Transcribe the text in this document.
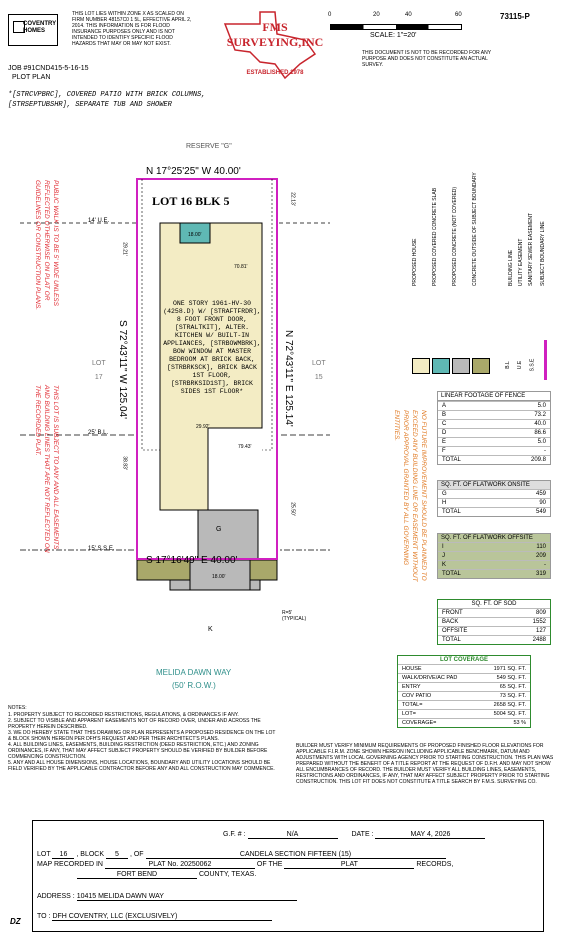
COVENTRY HOMES
THIS LOT LIES WITHIN ZONE X AS SCALED ON FIRM NUMBER 48157C0 1 5L, EFFECTIVE APRIL 2, 2014. THIS INFORMATION IS FOR FLOOD INSURANCE PURPOSES ONLY AND IS NOT INTENDED TO IDENTIFY SPECIFIC FLOOD HAZARDS THAT MAY OR MAY NOT EXIST.
FMS SURVEYING,INC
ESTABLISHED 1978
73115-P
0	20	40	60
SCALE: 1"=20'
THIS DOCUMENT IS NOT TO BE RECORDED FOR ANY PURPOSE AND DOES NOT CONSTITUTE AN ACTUAL SURVEY.
JOB #91CND415-5-16-15
PLOT PLAN
*[STRCVPBRC], COVERED PATIO WITH BRICK COLUMNS,
[STRSEPTUBSHR], SEPARATE TUB AND SHOWER
RESERVE "G"
LOT

17
LOT

15
N 17°25'25" W 40.00'
LOT 16 BLK 5
S 72°43'11" W 125.04'	N 72°43'11" E 125.14'
S 17°16'49" E 40.00'
14' U.E.
25' B.L.
15' S.S.E.
ONE STORY 1961-HV-30 (4258.D) W/ [STRAFTFRDR], 8 FOOT FRONT DOOR, [STRALTKIT], ALTER. KITCHEN W/ BUILT-IN APPLIANCES, [STRBOWMBRK], BOW WINDOW AT MASTER BEDROOM AT BRICK BACK, [STRBRKSCK], BRICK BACK 1ST FLOOR, [STRBRKSID1ST], BRICK SIDES 1ST FLOOR*
22.13'
29.21'
18.00'
70.81'
38.83'
29.92'
79.43'
25.50'
18.00'
G
K
R=5'
(TYPICAL)
MELIDA DAWN WAY
(50' R.O.W.)
PUBLIC WALK IS TO BE 5' WIDE UNLESS REFLECTED OTHERWISE ON PLAT OR GUIDELINES OR CONSTRUCTION PLANS.
THIS LOT IS SUBJECT TO ANY AND ALL EASEMENTS AND BUILDING LINES THAT ARE NOT REFLECTED ON THE RECORDED PLAT.	NO FUTURE IMPROVEMENT SHOULD BE PLANNED TO EXCEED ANY BUILDING LINE OR EASEMENT WITHOUT PRIOR APPROVAL GRANTED BY ALL GOVERNING ENTITIES.
PROPOSED HOUSE	PROPOSED COVERED CONCRETE SLAB	PROPOSED CONCRETE (NOT COVERED)	CONCRETE OUTSIDE OF SUBJECT BOUNDARY	BUILDING LINE UTILITY EASEMENT SANITARY SEWER EASEMENT SUBJECT BOUNDARY LINE
B.L U.E S.S.E
LINEAR FOOTAGE OF FENCE
A	5.0
B	73.2
C	40.0
D	86.6
E	5.0
F	-
TOTAL	209.8
SQ. FT. OF FLATWORK ONSITE
G	459
H	90
TOTAL	549
SQ. FT. OF FLATWORK OFFSITE
I	110
J	209
K	-
TOTAL	319
SQ. FT. OF SOD
FRONT	809
BACK	1552
OFFSITE	127
TOTAL	2488
LOT COVERAGE
HOUSE	1971 SQ. FT.
WALK/DRIVE/AC PAD	549 SQ. FT.
ENTRY	65 SQ. FT.
COV PATIO	73 SQ. FT.
TOTAL=	2658 SQ. FT.
LOT=	5004 SQ. FT.
COVERAGE=	53 %
NOTES:
1. PROPERTY SUBJECT TO RECORDED RESTRICTIONS, REGULATIONS, & ORDINANCES IF ANY.
2. SUBJECT TO VISIBLE AND APPARENT EASEMENTS NOT OF RECORD OVER, UNDER AND ACROSS THE PROPERTY HEREIN DESCRIBED.
3. WE DO HEREBY STATE THAT THIS DRAWING OR PLAN REPRESENTS A PROPOSED RESIDENCE ON THE LOT & BLOCK SHOWN HEREON PER DFH'S REQUEST AND PER THEIR ARCHITECT'S PLANS.
4. ALL BUILDING LINES, EASEMENTS, BUILDING RESTRICTION (DEED RESTRICTION, ETC.) AND ZONING ORDINANCES, IF ANY, THAT MAY AFFECT SUBJECT PROPERTY SHOULD BE VERIFIED BY BUILDER BEFORE COMMENCING CONSTRUCTION.
5. ANY AND ALL HOUSE DIMENSIONS, HOUSE LOCATIONS, BOUNDARY AND UTILITY LOCATIONS SHOULD BE FIELD VERIFIED BY THE APPLICABLE CONTRACTOR BEFORE ANY AND ALL CONSTRUCTION MAY COMMENCE.
BUILDER MUST VERIFY MINIMUM REQUIREMENTS OF PROPOSED FINISHED FLOOR ELEVATIONS FOR APPLICABLE F.I.R.M. ZONE SHOWN HEREON INCLUDING APPLICABLE BENCHMARK, DATUM AND ADJUSTMENTS WITH LOCAL GOVERNING AGENCY PRIOR TO STARTING CONSTRUCTION. THIS PLAN WAS PREPARED WITHOUT THE BENEFIT OF A TITLE REPORT AT THE REQUEST OF D.F.H. AND MAY NOT SHOW ALL ENCUMBRANCES OF RECORD. THE BUILDER MUST VERIFY ALL BUILDING LINES, EASEMENTS, RESTRICTIONS AND ORDINANCES, IF ANY, THAT MAY AFFECT SUBJECT PROPERTY PRIOR TO STARTING CONSTRUCTION. THIS LOT FIT DOES NOT CONSTITUTE A TITLE SEARCH BY F.M.S. SURVEYING CO.
G.F. # :	N/A	DATE :	MAY 4, 2026
LOT 16 , BLOCK 5 , OF	CANDELA SECTION FIFTEEN (15)
MAP RECORDED IN	PLAT No. 20250062	OF THE	PLAT	RECORDS,
FORT BEND	COUNTY, TEXAS.
ADDRESS : 10415 MELIDA DAWN WAY
TO : DFH COVENTRY, LLC (EXCLUSIVELY)
DZ
